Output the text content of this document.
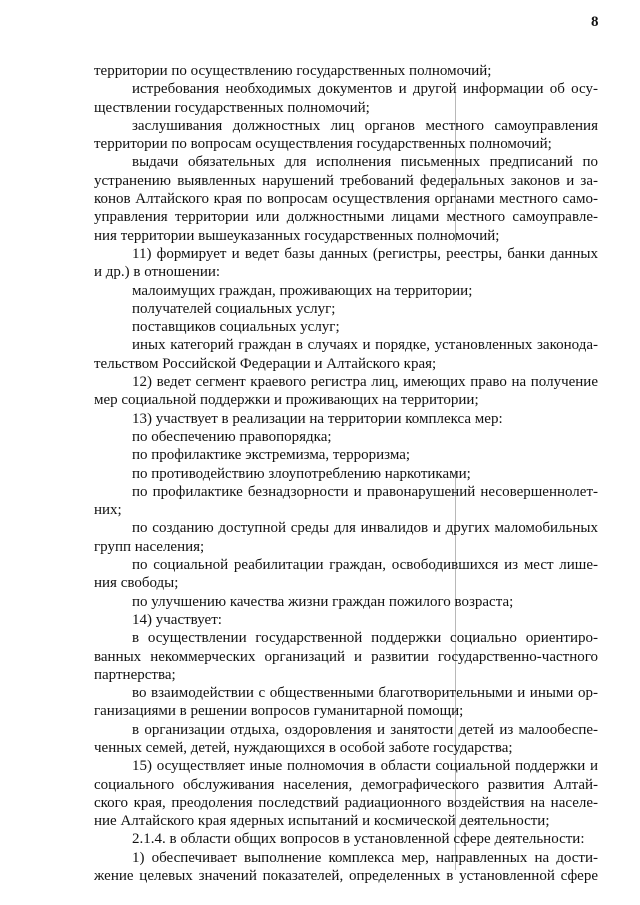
8
территории по осуществлению государственных полномочий;
истребования необходимых документов и другой информации об осу-
ществлении государственных полномочий;
заслушивания должностных лиц органов местного самоуправления
территории по вопросам осуществления государственных полномочий;
выдачи обязательных для исполнения письменных предписаний по
устранению выявленных нарушений требований федеральных законов и за-
конов Алтайского края по вопросам осуществления органами местного само-
управления территории или должностными лицами местного самоуправле-
ния территории вышеуказанных государственных полномочий;
11) формирует и ведет базы данных (регистры, реестры, банки данных
и др.) в отношении:
малоимущих граждан, проживающих на территории;
получателей социальных услуг;
поставщиков социальных услуг;
иных категорий граждан в случаях и порядке, установленных законода-
тельством Российской Федерации и Алтайского края;
12) ведет сегмент краевого регистра лиц, имеющих право на получение
мер социальной поддержки и проживающих на территории;
13) участвует в реализации на территории комплекса мер:
по обеспечению правопорядка;
по профилактике экстремизма, терроризма;
по противодействию злоупотреблению наркотиками;
по профилактике безнадзорности и правонарушений несовершеннолет-
них;
по созданию доступной среды для инвалидов и других маломобильных
групп населения;
по социальной реабилитации граждан, освободившихся из мест лише-
ния свободы;
по улучшению качества жизни граждан пожилого возраста;
14) участвует:
в осуществлении государственной поддержки социально ориентиро-
ванных некоммерческих организаций и развитии государственно-частного
партнерства;
во взаимодействии с общественными благотворительными и иными ор-
ганизациями в решении вопросов гуманитарной помощи;
в организации отдыха, оздоровления и занятости детей из малообеспе-
ченных семей, детей, нуждающихся в особой заботе государства;
15) осуществляет иные полномочия в области социальной поддержки и
социального обслуживания населения, демографического развития Алтай-
ского края, преодоления последствий радиационного воздействия на населе-
ние Алтайского края ядерных испытаний и космической деятельности;
2.1.4. в области общих вопросов в установленной сфере деятельности:
1) обеспечивает выполнение комплекса мер, направленных на дости-
жение целевых значений показателей, определенных в установленной сфере
